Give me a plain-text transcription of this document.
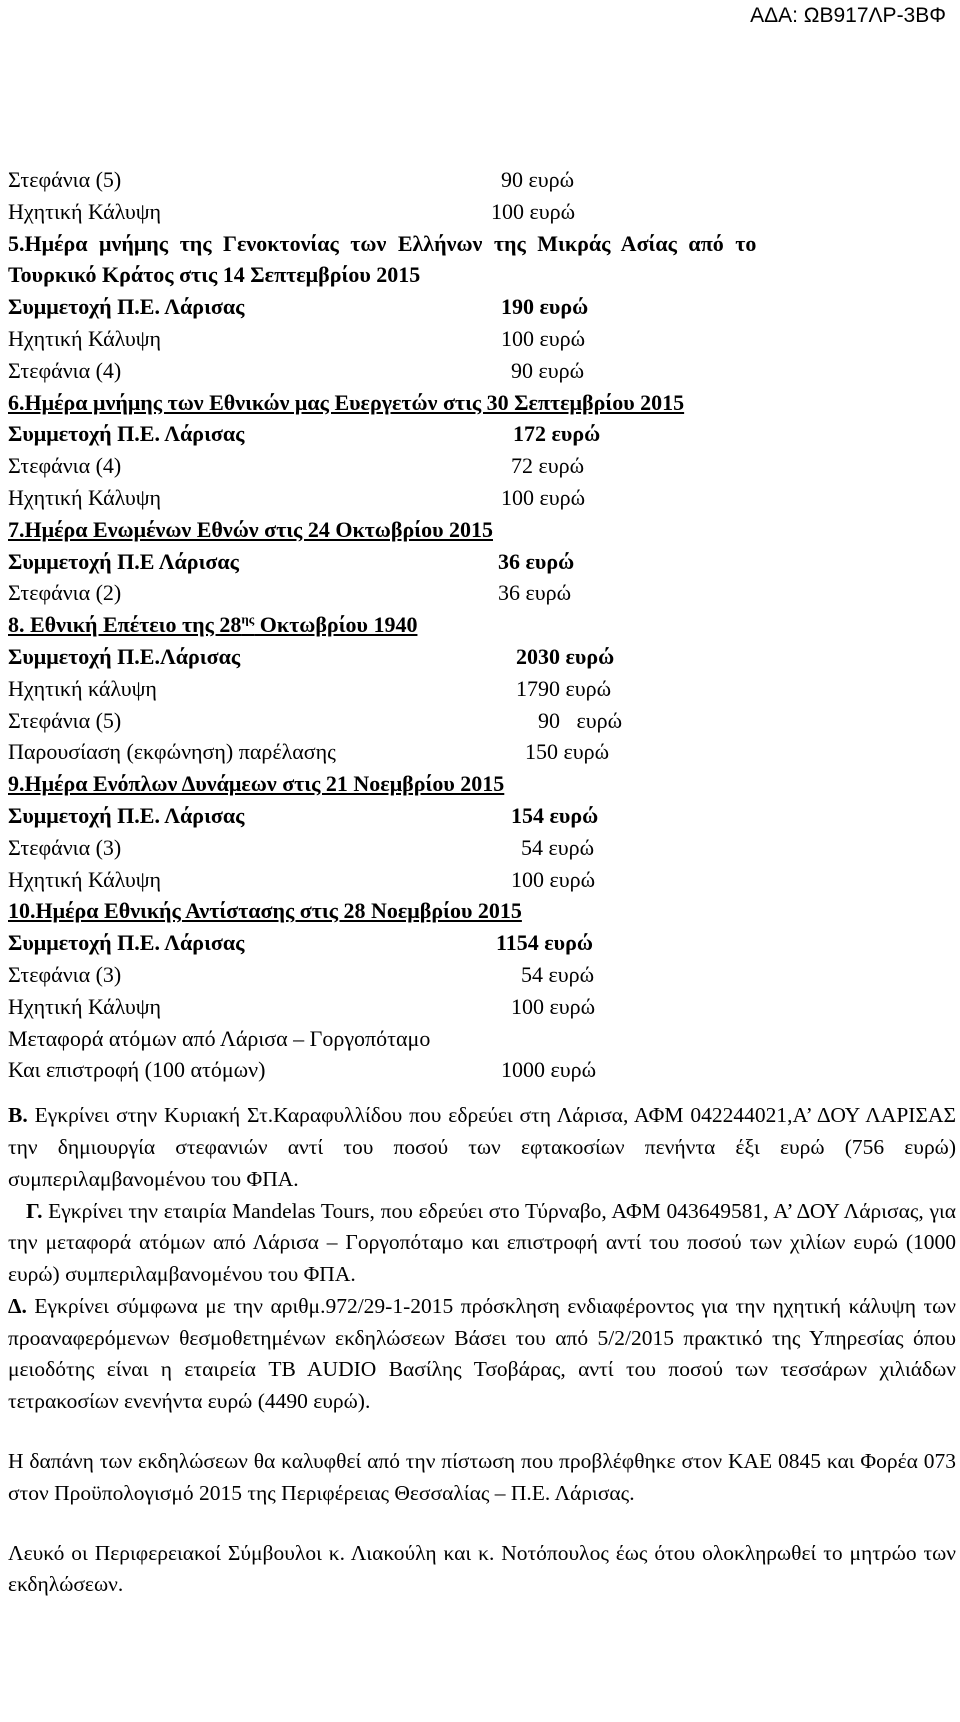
ΑΔΑ: ΩΒ917ΛΡ-3ΒΦ
Στεφάνια (5)	90 ευρώ
Ηχητική Κάλυψη	100 ευρώ
5.Ημέρα μνήμης της Γενοκτονίας των Ελλήνων της Μικράς Ασίας από το
Τουρκικό Κράτος στις 14 Σεπτεμβρίου 2015
Συμμετοχή Π.Ε. Λάρισας	190 ευρώ
Ηχητική Κάλυψη	100 ευρώ
Στεφάνια (4)	90 ευρώ
6.Ημέρα μνήμης των Εθνικών μας Ευεργετών στις 30 Σεπτεμβρίου 2015
Συμμετοχή Π.Ε. Λάρισας	172 ευρώ
Στεφάνια (4)	72 ευρώ
Ηχητική Κάλυψη	100 ευρώ
7.Ημέρα Ενωμένων Εθνών στις 24 Οκτωβρίου 2015
Συμμετοχή Π.Ε Λάρισας	36 ευρώ
Στεφάνια (2)	36 ευρώ
8. Εθνική Επέτειο της $28^{\eta\varsigma}$ Οκτωβρίου 1940
Συμμετοχή Π.Ε.Λάρισας	2030 ευρώ
Ηχητική κάλυψη	1790 ευρώ
Στεφάνια (5)	90   ευρώ
Παρουσίαση (εκφώνηση) παρέλασης	150 ευρώ
9.Ημέρα Ενόπλων Δυνάμεων στις 21 Νοεμβρίου 2015
Συμμετοχή Π.Ε. Λάρισας	154 ευρώ
Στεφάνια (3)	54 ευρώ
Ηχητική Κάλυψη	100 ευρώ
10.Ημέρα Εθνικής Αντίστασης στις 28 Νοεμβρίου 2015
Συμμετοχή Π.Ε. Λάρισας	1154 ευρώ
Στεφάνια (3)	54 ευρώ
Ηχητική Κάλυψη	100 ευρώ
Μεταφορά ατόμων από Λάρισα – Γοργοπόταμο
Και επιστροφή (100 ατόμων)	1000 ευρώ

Β. Εγκρίνει στην Κυριακή Στ.Καραφυλλίδου που εδρεύει στη Λάρισα, ΑΦΜ 042244021,Α’ ΔΟΥ ΛΑΡΙΣΑΣ την δημιουργία στεφανιών αντί του ποσού των εφτακοσίων πενήντα έξι ευρώ (756 ευρώ) συμπεριλαμβανομένου του ΦΠΑ.

Γ. Εγκρίνει την εταιρία Mandelas Tours, που εδρεύει στο Τύρναβο, ΑΦΜ 043649581, Α’ ΔΟΥ Λάρισας, για την μεταφορά ατόμων από Λάρισα – Γοργοπόταμο και επιστροφή αντί του ποσού των χιλίων ευρώ (1000 ευρώ) συμπεριλαμβανομένου του ΦΠΑ.

Δ. Εγκρίνει σύμφωνα με την αριθμ.972/29-1-2015 πρόσκληση ενδιαφέροντος για την ηχητική κάλυψη των προαναφερόμενων θεσμοθετημένων εκδηλώσεων Βάσει του από 5/2/2015 πρακτικό της Υπηρεσίας όπου μειοδότης είναι η εταιρεία TB AUDIO Βασίλης Τσοβάρας, αντί του ποσού των τεσσάρων χιλιάδων τετρακοσίων ενενήντα ευρώ (4490 ευρώ).

Η δαπάνη των εκδηλώσεων θα καλυφθεί από την πίστωση που προβλέφθηκε στον ΚΑΕ 0845 και Φορέα 073 στον Προϋπολογισμό 2015 της Περιφέρειας Θεσσαλίας – Π.Ε. Λάρισας.

Λευκό οι Περιφερειακοί Σύμβουλοι κ. Λιακούλη και κ. Νοτόπουλος έως ότου ολοκληρωθεί το μητρώο των εκδηλώσεων.
